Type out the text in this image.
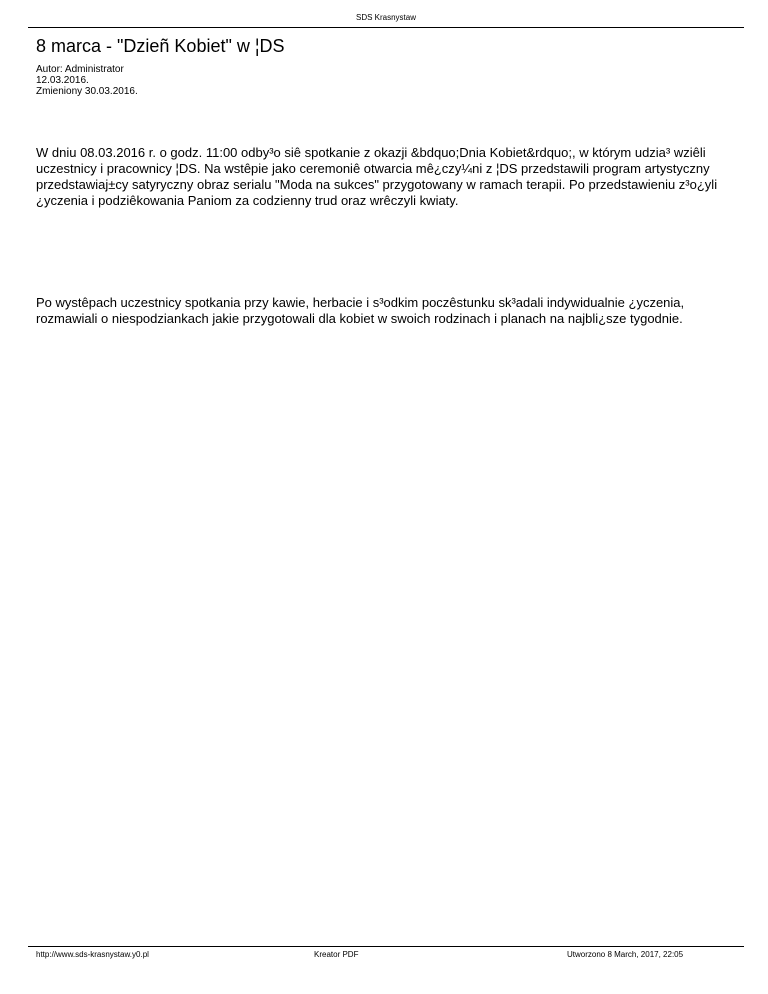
SDS Krasnystaw
8 marca - "Dzieñ Kobiet" w ¦DS
Autor: Administrator
12.03.2016.
Zmieniony 30.03.2016.

W dniu 08.03.2016 r. o godz. 11:00 odby³o siê spotkanie z okazji &bdquo;Dnia Kobiet&rdquo;, w którym udzia³ wziêli uczestnicy i pracownicy ¦DS. Na wstêpie jako ceremoniê otwarcia mê¿czy¼ni z ¦DS przedstawili program artystyczny przedstawiaj±cy satyryczny obraz serialu "Moda na sukces" przygotowany w ramach terapii. Po przedstawieniu z³o¿yli ¿yczenia i podziêkowania Paniom za codzienny trud oraz wrêczyli kwiaty.

Po wystêpach uczestnicy spotkania przy kawie, herbacie i s³odkim poczêstunku sk³adali indywidualnie ¿yczenia, rozmawiali o niespodziankach jakie przygotowali dla kobiet w swoich rodzinach i planach na najbli¿sze tygodnie.

http://www.sds-krasnystaw.y0.pl	Kreator PDF	Utworzono 8 March, 2017, 22:05
